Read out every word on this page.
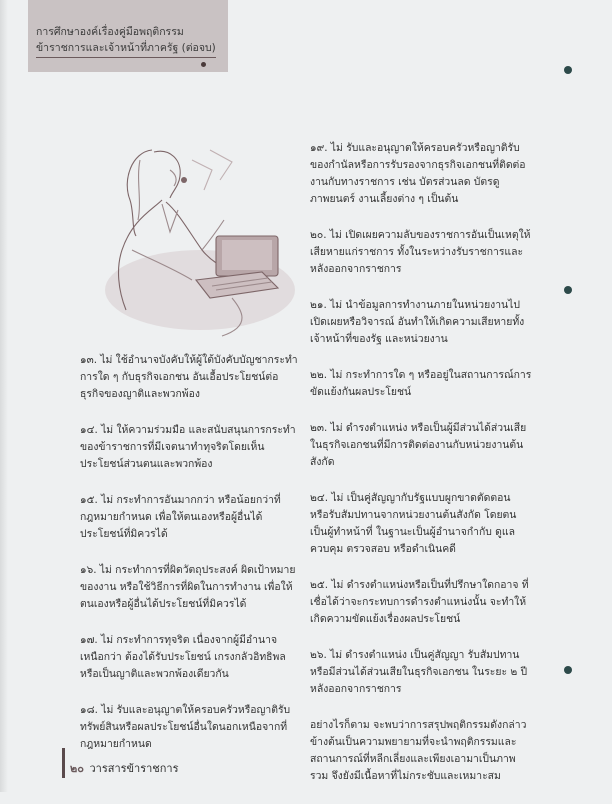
การศึกษาองค์เรื่องคู่มือพฤติกรรม
ข้าราชการและเจ้าหน้าที่ภาครัฐ (ต่อจบ)

๑๓. ไม่ ใช้อำนาจบังคับให้ผู้ใต้บังคับบัญชากระทำการใด ๆ กับธุรกิจเอกชน อันเอื้อประโยชน์ต่อธุรกิจของญาติและพวกพ้อง

๑๔. ไม่ ให้ความร่วมมือ และสนับสนุนการกระทำของข้าราชการที่มีเจตนาทำทุจริตโดยเห็นประโยชน์ส่วนตนและพวกพ้อง

๑๕. ไม่ กระทำการอันมากกว่า หรือน้อยกว่าที่กฎหมายกำหนด เพื่อให้ตนเองหรือผู้อื่นได้ประโยชน์ที่มิควรได้

๑๖. ไม่ กระทำการที่ผิดวัตถุประสงค์ ผิดเป้าหมายของงาน หรือใช้วิธีการที่ผิดในการทำงาน เพื่อให้ตนเองหรือผู้อื่นได้ประโยชน์ที่มิควรได้

๑๗. ไม่ กระทำการทุจริต เนื่องจากผู้มีอำนาจเหนือกว่า ต้องได้รับประโยชน์ เกรงกลัวอิทธิพล หรือเป็นญาติและพวกพ้องเดียวกัน

๑๘. ไม่ รับและอนุญาตให้ครอบครัวหรือญาติรับทรัพย์สินหรือผลประโยชน์อื่นใดนอกเหนือจากที่กฎหมายกำหนด

๑๙. ไม่ รับและอนุญาตให้ครอบครัวหรือญาติรับ ของกำนัลหรือการรับรองจากธุรกิจเอกชนที่ติดต่องานกับทางราชการ เช่น บัตรส่วนลด บัตรดูภาพยนตร์ งานเลี้ยงต่าง ๆ เป็นต้น

๒๐. ไม่ เปิดเผยความลับของราชการอันเป็นเหตุให้เสียหายแก่ราชการ ทั้งในระหว่างรับราชการและหลังออกจากราชการ

๒๑. ไม่ นำข้อมูลการทำงานภายในหน่วยงานไปเปิดเผยหรือวิจารณ์ อันทำให้เกิดความเสียหายทั้งเจ้าหน้าที่ของรัฐ และหน่วยงาน

๒๒. ไม่ กระทำการใด ๆ หรืออยู่ในสถานการณ์การขัดแย้งกันผลประโยชน์

๒๓. ไม่ ดำรงตำแหน่ง หรือเป็นผู้มีส่วนได้ส่วนเสีย ในธุรกิจเอกชนที่มีการติดต่องานกับหน่วยงานต้นสังกัด

๒๔. ไม่ เป็นคู่สัญญากับรัฐแบบผูกขาดตัดตอน หรือรับสัมปทานจากหน่วยงานต้นสังกัด โดยตนเป็นผู้ทำหน้าที่ ในฐานะเป็นผู้อำนาจกำกับ ดูแล ควบคุม ตรวจสอบ หรือดำเนินคดี

๒๕. ไม่ ดำรงตำแหน่งหรือเป็นที่ปรึกษาใดกอาจ ที่เชื่อได้ว่าจะกระทบการดำรงตำแหน่งนั้น จะทำให้เกิดความขัดแย้งเรื่องผลประโยชน์

๒๖. ไม่ ดำรงตำแหน่ง เป็นคู่สัญญา รับสัมปทาน หรือมีส่วนได้ส่วนเสียในธุรกิจเอกชน ในระยะ ๒ ปี หลังออกจากราชการ

อย่างไรก็ตาม จะพบว่าการสรุปพฤติกรรมดังกล่าวข้างต้นเป็นความพยายามที่จะนำพฤติกรรมและสถานการณ์ที่หลีกเลี่ยงและเพียงเอามาเป็นภาพรวม จึงยังมีเนื้อหาที่ไม่กระชับและเหมาะสม

๒๐ วารสารข้าราชการ
